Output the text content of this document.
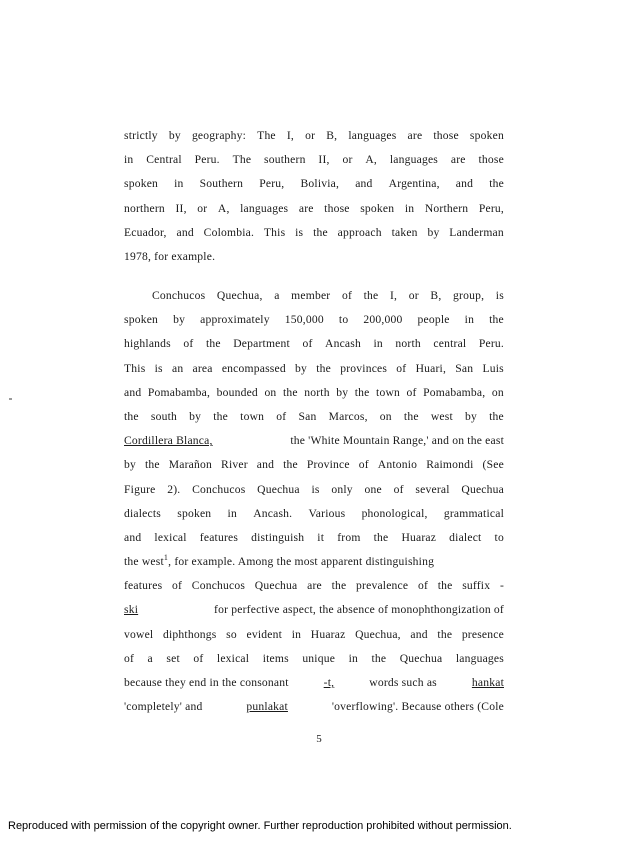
strictly by geography: The I, or B, languages are those spoken
in Central Peru. The southern II, or A, languages are those
spoken in Southern Peru, Bolivia, and Argentina, and the
northern II, or A, languages are those spoken in Northern Peru,
Ecuador, and Colombia. This is the approach taken by Landerman
1978, for example.
Conchucos Quechua, a member of the I, or B, group, is
spoken by approximately 150,000 to 200,000 people in the
highlands of the Department of Ancash in north central Peru.
This is an area encompassed by the provinces of Huari, San Luis
and Pomabamba, bounded on the north by the town of Pomabamba, on
the south by the town of San Marcos, on the west by the
Cordillera Blanca,	the 'White Mountain Range,' and on the east
by the Marañon River and the Province of Antonio Raimondi (See
Figure 2). Conchucos Quechua is only one of several Quechua
dialects spoken in Ancash. Various phonological, grammatical
and lexical features distinguish it from the Huaraz dialect to
the west$^1$, for example. Among the most apparent distinguishing
features of Conchucos Quechua are the prevalence of the suffix -
ski	for perfective aspect, the absence of monophthongization of
vowel diphthongs so evident in Huaraz Quechua, and the presence
of a set of lexical items unique in the Quechua languages
because they end in the consonant	-t,	words such as	hankat
'completely' and	punlakat	'overflowing'. Because others (Cole
5
Reproduced with permission of the copyright owner. Further reproduction prohibited without permission.
